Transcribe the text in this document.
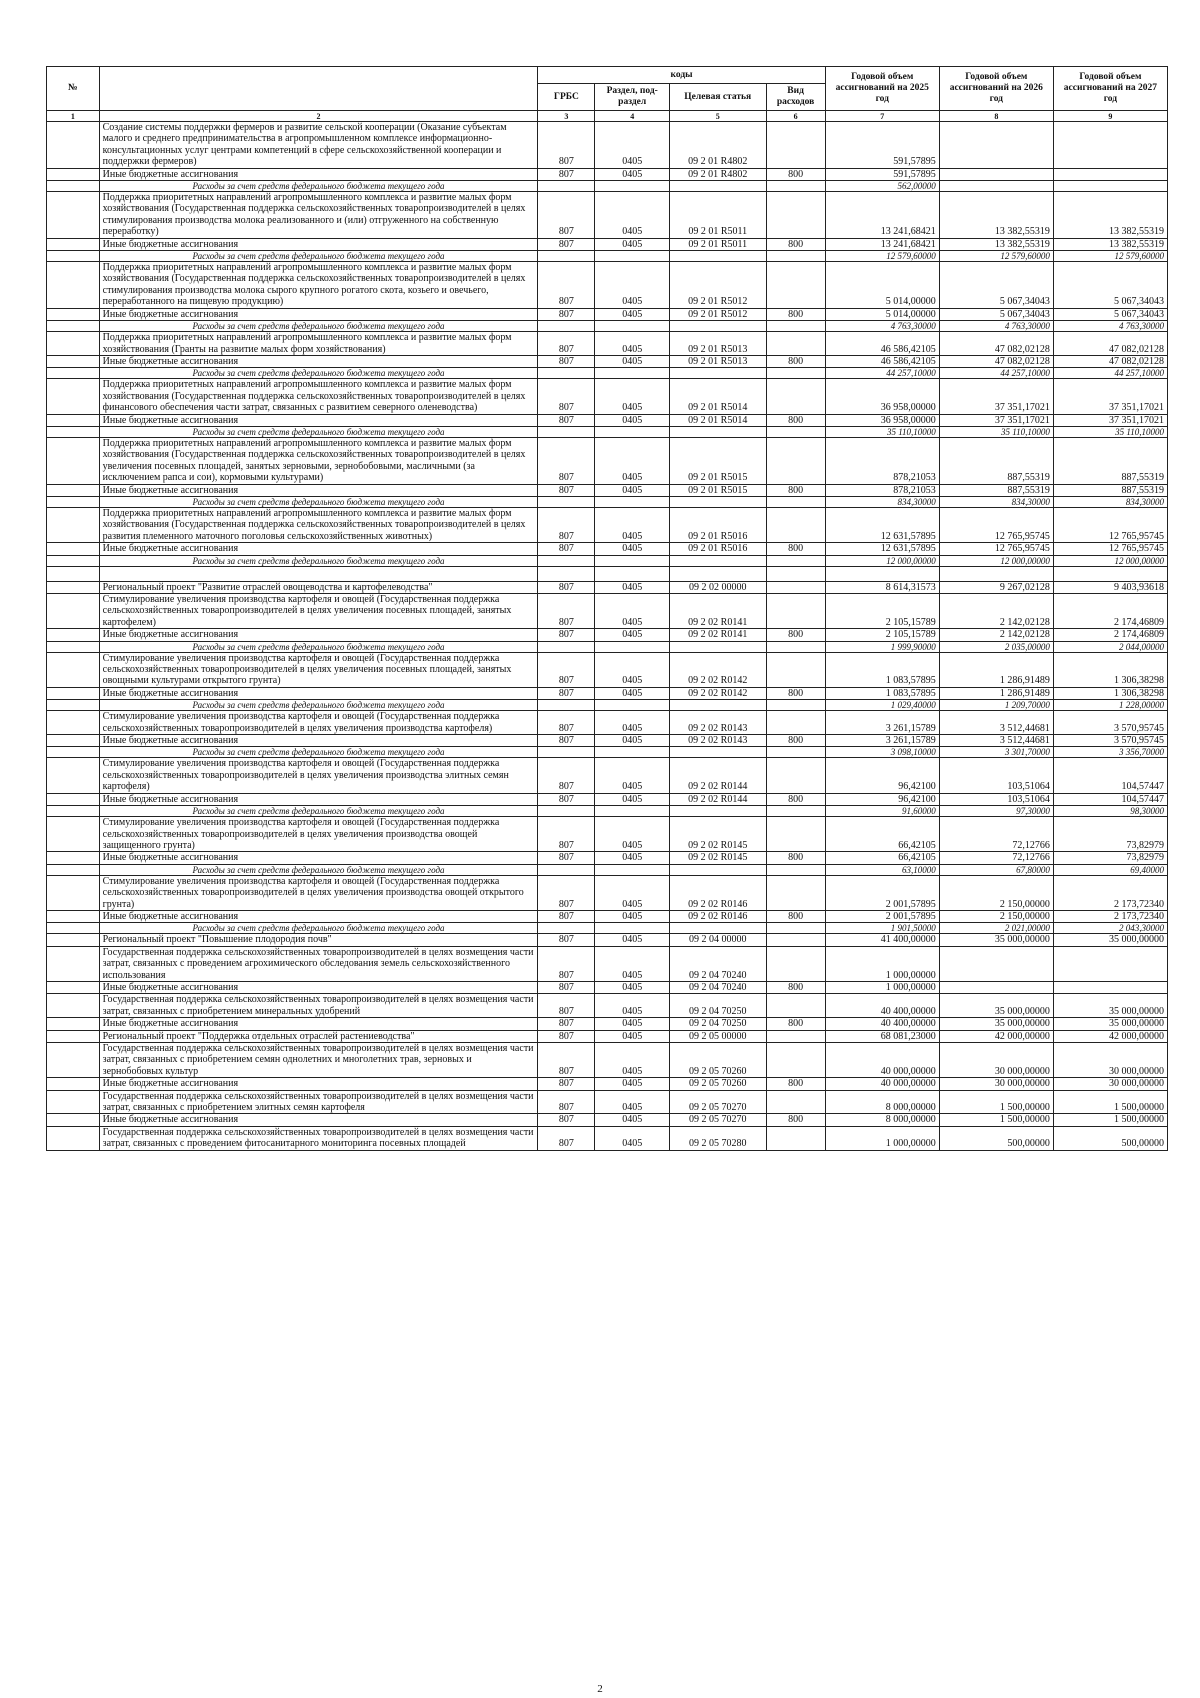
№		коды				Годовой объем ассигнований на 2025 год	Годовой объем ассигнований на 2026 год	Годовой объем ассигнований на 2027 год
		ГРБС	Раздел, под-раздел	Целевая статья	Вид расходов			
1	2	3	4	5	6	7	8	9
	Создание системы поддержки фермеров и развитие сельской кооперации (Оказание субъектам малого и среднего предпринимательства в агропромышленном комплексе информационно-консультационных услуг центрами компетенций в сфере сельскохозяйственной кооперации и поддержки фермеров)	807	0405	09 2 01 R4802		591,57895		
	Иные бюджетные ассигнования	807	0405	09 2 01 R4802	800	591,57895		
	Расходы за счет средств федерального бюджета текущего года					562,00000		
	Поддержка приоритетных направлений агропромышленного комплекса и развитие малых форм хозяйствования (Государственная поддержка сельскохозяйственных товаропроизводителей в целях стимулирования производства молока реализованного и (или) отгруженного на собственную переработку)	807	0405	09 2 01 R5011		13 241,68421	13 382,55319	13 382,55319
	Иные бюджетные ассигнования	807	0405	09 2 01 R5011	800	13 241,68421	13 382,55319	13 382,55319
	Расходы за счет средств федерального бюджета текущего года					12 579,60000	12 579,60000	12 579,60000
	Поддержка приоритетных направлений агропромышленного комплекса и развитие малых форм хозяйствования (Государственная поддержка сельскохозяйственных товаропроизводителей в целях стимулирования производства молока сырого крупного рогатого скота, козьего и овечьего, переработанного на пищевую продукцию)	807	0405	09 2 01 R5012		5 014,00000	5 067,34043	5 067,34043
	Иные бюджетные ассигнования	807	0405	09 2 01 R5012	800	5 014,00000	5 067,34043	5 067,34043
	Расходы за счет средств федерального бюджета текущего года					4 763,30000	4 763,30000	4 763,30000
	Поддержка приоритетных направлений агропромышленного комплекса и развитие малых форм хозяйствования (Гранты на развитие малых форм хозяйствования)	807	0405	09 2 01 R5013		46 586,42105	47 082,02128	47 082,02128
	Иные бюджетные ассигнования	807	0405	09 2 01 R5013	800	46 586,42105	47 082,02128	47 082,02128
	Расходы за счет средств федерального бюджета текущего года					44 257,10000	44 257,10000	44 257,10000
	Поддержка приоритетных направлений агропромышленного комплекса и развитие малых форм хозяйствования (Государственная поддержка сельскохозяйственных товаропроизводителей в целях финансового обеспечения части затрат, связанных с развитием северного оленеводства)	807	0405	09 2 01 R5014		36 958,00000	37 351,17021	37 351,17021
	Иные бюджетные ассигнования	807	0405	09 2 01 R5014	800	36 958,00000	37 351,17021	37 351,17021
	Расходы за счет средств федерального бюджета текущего года					35 110,10000	35 110,10000	35 110,10000
	Поддержка приоритетных направлений агропромышленного комплекса и развитие малых форм хозяйствования (Государственная поддержка сельскохозяйственных товаропроизводителей в целях увеличения посевных площадей, занятых зерновыми, зернобобовыми, масличными (за исключением рапса и сои), кормовыми культурами)	807	0405	09 2 01 R5015		878,21053	887,55319	887,55319
	Иные бюджетные ассигнования	807	0405	09 2 01 R5015	800	878,21053	887,55319	887,55319
	Расходы за счет средств федерального бюджета текущего года					834,30000	834,30000	834,30000
	Поддержка приоритетных направлений агропромышленного комплекса и развитие малых форм хозяйствования (Государственная поддержка сельскохозяйственных товаропроизводителей в целях развития племенного маточного поголовья сельскохозяйственных животных)	807	0405	09 2 01 R5016		12 631,57895	12 765,95745	12 765,95745
	Иные бюджетные ассигнования	807	0405	09 2 01 R5016	800	12 631,57895	12 765,95745	12 765,95745
	Расходы за счет средств федерального бюджета текущего года					12 000,00000	12 000,00000	12 000,00000

	Региональный проект "Развитие отраслей овощеводства и картофелеводства"	807	0405	09 2 02 00000		8 614,31573	9 267,02128	9 403,93618
	Стимулирование увеличения производства картофеля и овощей (Государственная поддержка сельскохозяйственных товаропроизводителей в целях увеличения посевных площадей, занятых картофелем)	807	0405	09 2 02 R0141		2 105,15789	2 142,02128	2 174,46809
	Иные бюджетные ассигнования	807	0405	09 2 02 R0141	800	2 105,15789	2 142,02128	2 174,46809
	Расходы за счет средств федерального бюджета текущего года					1 999,90000	2 035,00000	2 044,00000
	Стимулирование увеличения производства картофеля и овощей (Государственная поддержка сельскохозяйственных товаропроизводителей в целях увеличения посевных площадей, занятых овощными культурами открытого грунта)	807	0405	09 2 02 R0142		1 083,57895	1 286,91489	1 306,38298
	Иные бюджетные ассигнования	807	0405	09 2 02 R0142	800	1 083,57895	1 286,91489	1 306,38298
	Расходы за счет средств федерального бюджета текущего года					1 029,40000	1 209,70000	1 228,00000
	Стимулирование увеличения производства картофеля и овощей (Государственная поддержка сельскохозяйственных товаропроизводителей в целях увеличения производства картофеля)	807	0405	09 2 02 R0143		3 261,15789	3 512,44681	3 570,95745
	Иные бюджетные ассигнования	807	0405	09 2 02 R0143	800	3 261,15789	3 512,44681	3 570,95745
	Расходы за счет средств федерального бюджета текущего года					3 098,10000	3 301,70000	3 356,70000
	Стимулирование увеличения производства картофеля и овощей (Государственная поддержка сельскохозяйственных товаропроизводителей в целях увеличения производства элитных семян картофеля)	807	0405	09 2 02 R0144		96,42100	103,51064	104,57447
	Иные бюджетные ассигнования	807	0405	09 2 02 R0144	800	96,42100	103,51064	104,57447
	Расходы за счет средств федерального бюджета текущего года					91,60000	97,30000	98,30000
	Стимулирование увеличения производства картофеля и овощей (Государственная поддержка сельскохозяйственных товаропроизводителей в целях увеличения производства овощей защищенного грунта)	807	0405	09 2 02 R0145		66,42105	72,12766	73,82979
	Иные бюджетные ассигнования	807	0405	09 2 02 R0145	800	66,42105	72,12766	73,82979
	Расходы за счет средств федерального бюджета текущего года					63,10000	67,80000	69,40000
	Стимулирование увеличения производства картофеля и овощей (Государственная поддержка сельскохозяйственных товаропроизводителей в целях увеличения производства овощей открытого грунта)	807	0405	09 2 02 R0146		2 001,57895	2 150,00000	2 173,72340
	Иные бюджетные ассигнования	807	0405	09 2 02 R0146	800	2 001,57895	2 150,00000	2 173,72340
	Расходы за счет средств федерального бюджета текущего года					1 901,50000	2 021,00000	2 043,30000
	Региональный проект "Повышение плодородия почв"	807	0405	09 2 04 00000		41 400,00000	35 000,00000	35 000,00000
	Государственная поддержка сельскохозяйственных товаропроизводителей в целях возмещения части затрат, связанных с проведением агрохимического обследования земель сельскохозяйственного использования	807	0405	09 2 04 70240		1 000,00000		
	Иные бюджетные ассигнования	807	0405	09 2 04 70240	800	1 000,00000		
	Государственная поддержка сельскохозяйственных товаропроизводителей в целях возмещения части затрат, связанных с приобретением минеральных удобрений	807	0405	09 2 04 70250		40 400,00000	35 000,00000	35 000,00000
	Иные бюджетные ассигнования	807	0405	09 2 04 70250	800	40 400,00000	35 000,00000	35 000,00000
	Региональный проект "Поддержка отдельных отраслей растениеводства"	807	0405	09 2 05 00000		68 081,23000	42 000,00000	42 000,00000
	Государственная поддержка сельскохозяйственных товаропроизводителей в целях возмещения части затрат, связанных с приобретением семян однолетних и многолетних трав, зерновых и зернобобовых культур	807	0405	09 2 05 70260		40 000,00000	30 000,00000	30 000,00000
	Иные бюджетные ассигнования	807	0405	09 2 05 70260	800	40 000,00000	30 000,00000	30 000,00000
	Государственная поддержка сельскохозяйственных товаропроизводителей в целях возмещения части затрат, связанных с приобретением элитных семян картофеля	807	0405	09 2 05 70270		8 000,00000	1 500,00000	1 500,00000
	Иные бюджетные ассигнования	807	0405	09 2 05 70270	800	8 000,00000	1 500,00000	1 500,00000
	Государственная поддержка сельскохозяйственных товаропроизводителей в целях возмещения части затрат, связанных с проведением фитосанитарного мониторинга посевных площадей	807	0405	09 2 05 70280		1 000,00000	500,00000	500,00000
2
